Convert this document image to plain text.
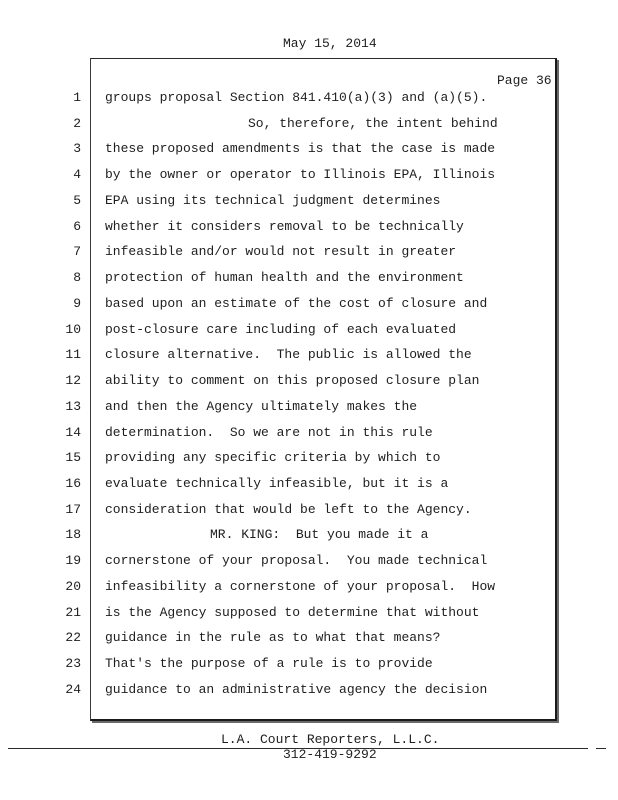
May 15, 2014
Page 36
1 groups proposal Section 841.410(a)(3) and (a)(5).
2	So, therefore, the intent behind
3 these proposed amendments is that the case is made
4 by the owner or operator to Illinois EPA, Illinois
5 EPA using its technical judgment determines
6 whether it considers removal to be technically
7 infeasible and/or would not result in greater
8 protection of human health and the environment
9 based upon an estimate of the cost of closure and
10 post-closure care including of each evaluated
11 closure alternative.  The public is allowed the
12 ability to comment on this proposed closure plan
13 and then the Agency ultimately makes the
14 determination.  So we are not in this rule
15 providing any specific criteria by which to
16 evaluate technically infeasible, but it is a
17 consideration that would be left to the Agency.
18	MR. KING:  But you made it a
19 cornerstone of your proposal.  You made technical
20 infeasibility a cornerstone of your proposal.  How
21 is the Agency supposed to determine that without
22 guidance in the rule as to what that means?
23 That's the purpose of a rule is to provide
24 guidance to an administrative agency the decision
L.A. Court Reporters, L.L.C.
312-419-9292
